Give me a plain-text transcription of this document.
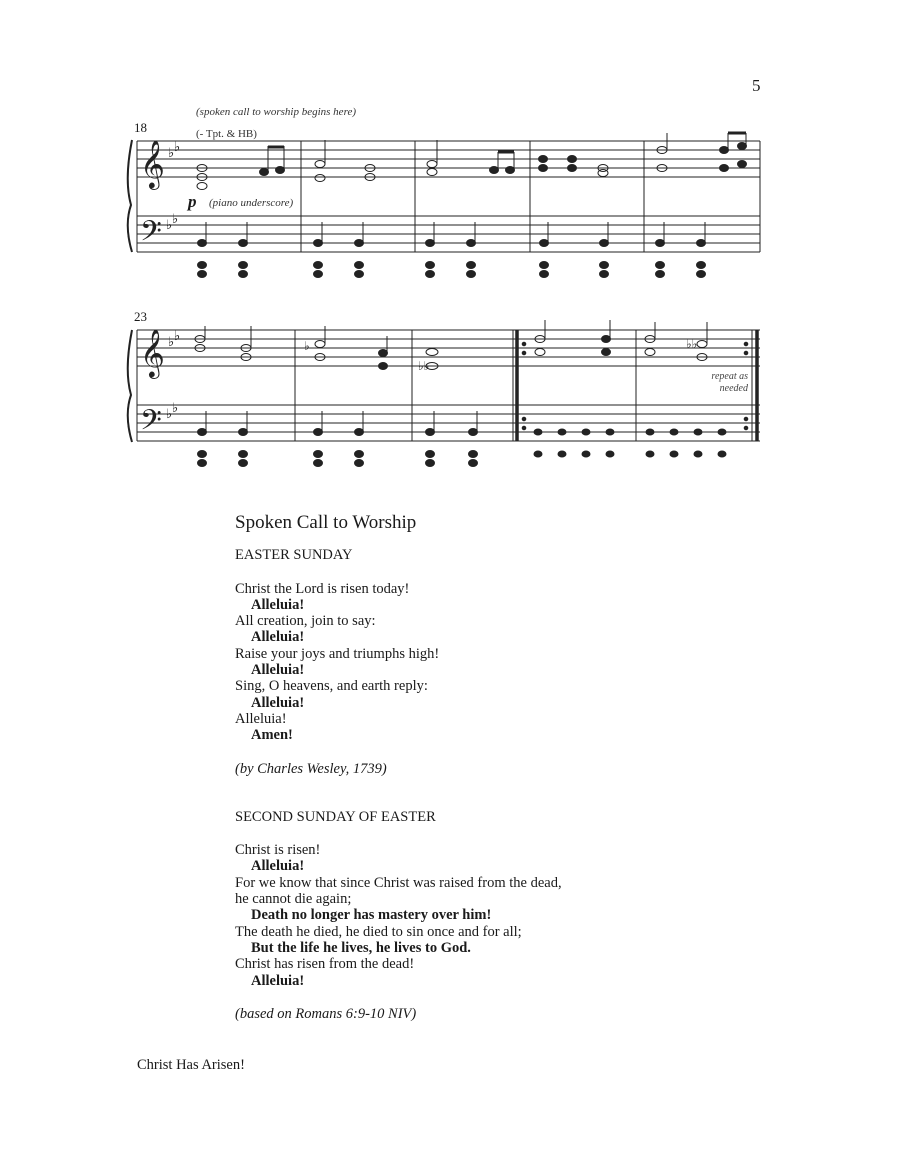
5
(spoken call to worship begins here)
(- Tpt. & HB)
18
p (piano underscore)
23
repeat as
needed
𝄞
𝄢
♭ ♭
♭ ♭
𝄞
𝄢
♭ ♭
♭ ♭
♭
♭♭
♭♭
Spoken Call to Worship
EASTER SUNDAY
Christ the Lord is risen today!
Alleluia!
All creation, join to say:
Alleluia!
Raise your joys and triumphs high!
Alleluia!
Sing, O heavens, and earth reply:
Alleluia!
Alleluia!
Amen!
(by Charles Wesley, 1739)
SECOND SUNDAY OF EASTER
Christ is risen!
Alleluia!
For we know that since Christ was raised from the dead,
he cannot die again;
Death no longer has mastery over him!
The death he died, he died to sin once and for all;
But the life he lives, he lives to God.
Christ has risen from the dead!
Alleluia!
(based on Romans 6:9-10 NIV)
Christ Has Arisen!
